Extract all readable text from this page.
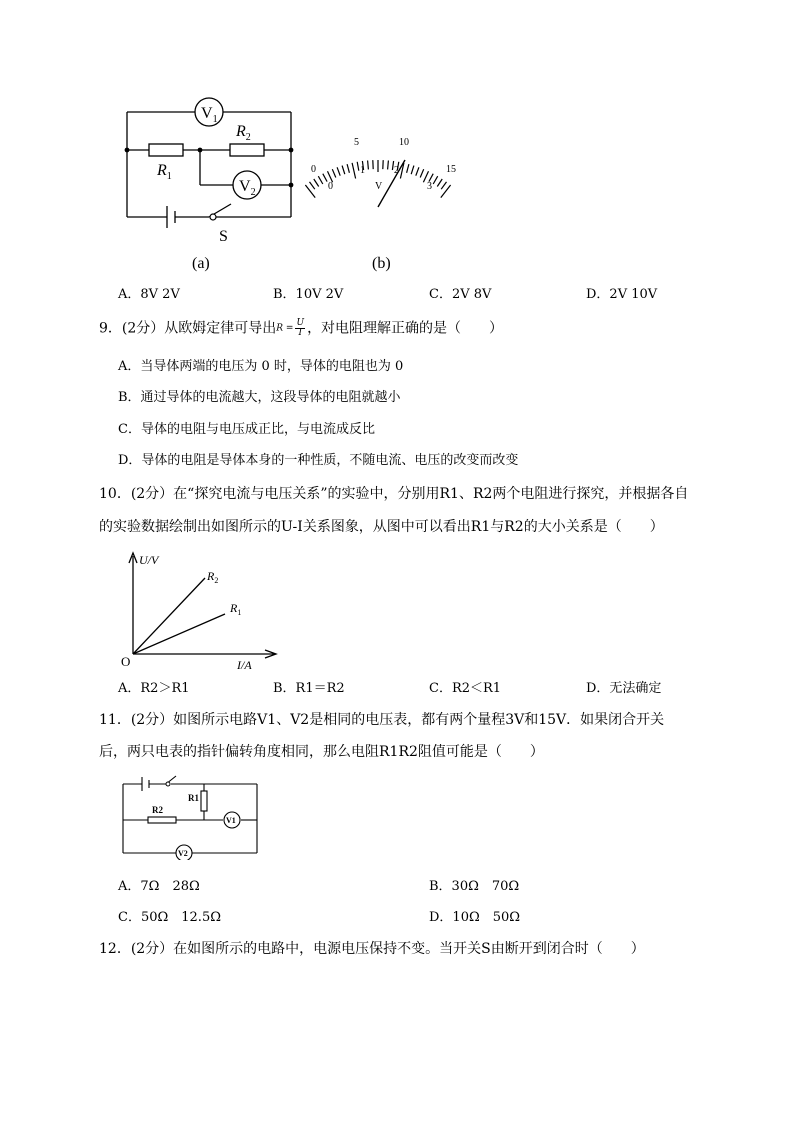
$V_1$
$V_2$
$R_1$
$R_2$
S
(a)
0
5	10
15
0
1	2
3
V
(b)
A．8V 2V	B．10V 2V	C．2V 8V	D．2V 10V
9．(2分）从欧姆定律可导出$R = \frac{U}{I}$ ，对电阻理解正确的是（　　）
A．当导体两端的电压为 0 时，导体的电阻也为 0
B．通过导体的电流越大，这段导体的电阻就越小
C．导体的电阻与电压成正比，与电流成反比
D．导体的电阻是导体本身的一种性质，不随电流、电压的改变而改变
10．(2分）在“探究电流与电压关系”的实验中，分别用R1、R2两个电阻进行探究，并根据各自
的实验数据绘制出如图所示的U-I关系图象，从图中可以看出R1与R2的大小关系是（　　）
U/V
I/A
$R_2$
$R_1$
O
A．R2＞R1	B．R1＝R2	C．R2＜R1	D．无法确定
11．(2分）如图所示电路V1、V2是相同的电压表，都有两个量程3V和15V．如果闭合开关
后，两只电表的指针偏转角度相同，那么电阻R1R2阻值可能是（　　）
R1
R2
V1
V2
A．7Ω　28Ω	B．30Ω　70Ω
C．50Ω　12.5Ω	D．10Ω　50Ω
12．(2分）在如图所示的电路中，电源电压保持不变。当开关S由断开到闭合时（　　）
